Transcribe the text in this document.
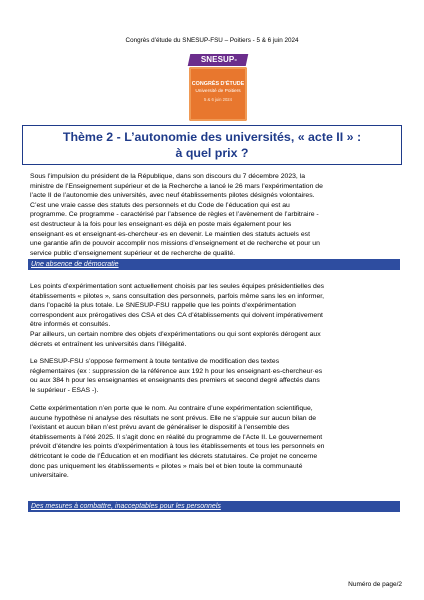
Congrès d’étude du SNESUP-FSU – Poitiers - 5 & 6 juin 2024
SNESUP-
CONGRÈS D’ÉTUDE
Université de Poitiers
5 & 6 juin 2024
Thème 2 - L’autonomie des universités, « acte II » :
à quel prix ?
Sous l’impulsion du président de la République, dans son discours du 7 décembre 2023, la
ministre de l’Enseignement supérieur et de la Recherche a lancé le 26 mars l’expérimentation de
l’acte II de l’autonomie des universités, avec neuf établissements pilotes désignés volontaires.
C’est une vraie casse des statuts des personnels et du Code de l’éducation qui est au
programme. Ce programme - caractérisé par l’absence de règles et l’avènement de l’arbitraire -
est destructeur à la fois pour les enseignant·es déjà en poste mais également pour les
enseignant·es et enseignant·es-chercheur·es en devenir. Le maintien des statuts actuels est
une garantie afin de pouvoir accomplir nos missions d’enseignement et de recherche et pour un
service public d’enseignement supérieur et de recherche de qualité.
Une absence de démocratie
Les points d’expérimentation sont actuellement choisis par les seules équipes présidentielles des
établissements « pilotes », sans consultation des personnels, parfois même sans les en informer,
dans l’opacité la plus totale. Le SNESUP-FSU rappelle que les points d’expérimentation
correspondent aux prérogatives des CSA et des CA d’établissements qui doivent impérativement
être informés et consultés.
Par ailleurs, un certain nombre des objets d’expérimentations ou qui sont explorés dérogent aux
décrets et entraînent les universités dans l’illégalité.
Le SNESUP-FSU s’oppose fermement à toute tentative de modification des textes
réglementaires (ex : suppression de la référence aux 192 h pour les enseignant·es-chercheur·es
ou aux 384 h pour les enseignantes et enseignants des premiers et second degré affectés dans
le supérieur - ESAS -).
Cette expérimentation n’en porte que le nom. Au contraire d’une expérimentation scientifique,
aucune hypothèse ni analyse des résultats ne sont prévus. Elle ne s’appuie sur aucun bilan de
l’existant et aucun bilan n’est prévu avant de généraliser le dispositif à l’ensemble des
établissements à l’été 2025. Il s’agit donc en réalité du programme de l’Acte II. Le gouvernement
prévoit d’étendre les points d’expérimentation à tous les établissements et tous les personnels en
détricotant le code de l’Éducation et en modifiant les décrets statutaires. Ce projet ne concerne
donc pas uniquement les établissements « pilotes » mais bel et bien toute la communauté
universitaire.
Des mesures à combattre, inacceptables pour les personnels
Numéro de page/2
